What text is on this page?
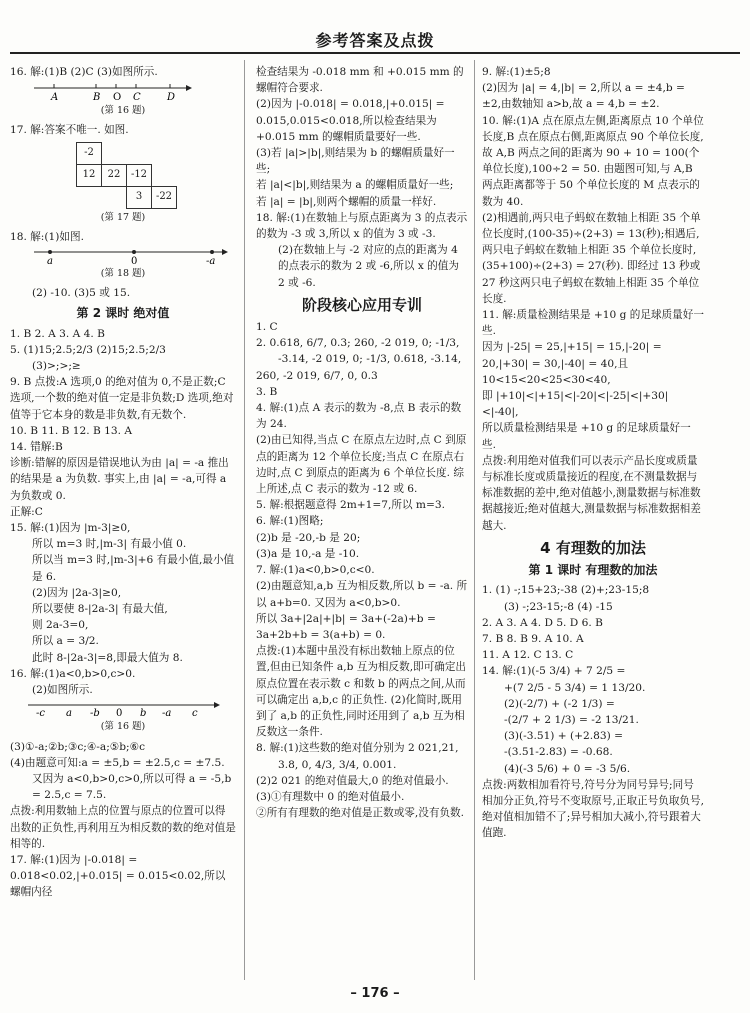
参考答案及点拨

16. 解:(1)B (2)C (3)如图所示.

A	B O C	D
(第 16 题)

17. 解:答案不唯一. 如图.

-2			
12	22	-12	
		3	-22
(第 17 题)

18. 解:(1)如图.

a	0	-a
(第 18 题)

(2) -10. (3)5 或 15.

第 2 课时 绝对值

1. B 2. A 3. A 4. B

5. (1)15;2.5;2/3 (2)15;2.5;2/3

(3)>;>;≥

9. B 点拨:A 选项,0 的绝对值为 0,不是正数;C 选项,一个数的绝对值一定是非负数;D 选项,绝对值等于它本身的数是非负数,有无数个.

10. B 11. B 12. B 13. A

14. 错解:B

诊断:错解的原因是错误地认为由 |a| = -a 推出的结果是 a 为负数. 事实上,由 |a| = -a,可得 a 为负数或 0.

正解:C

15. 解:(1)因为 |m-3|≥0,

所以 m=3 时,|m-3| 有最小值 0.

所以当 m=3 时,|m-3|+6 有最小值,最小值是 6.

(2)因为 |2a-3|≥0,

所以要使 8-|2a-3| 有最大值,

则 2a-3=0,

所以 a = 3/2.

此时 8-|2a-3|=8,即最大值为 8.

16. 解:(1)a<0,b>0,c>0.

(2)如图所示.

-c a -b 0 b -a c
(第 16 题)

(3)①-a;②b;③c;④-a;⑤b;⑥c

(4)由题意可知:a = ±5,b = ±2.5,c = ±7.5.

又因为 a<0,b>0,c>0,所以可得 a = -5,b = 2.5,c = 7.5.

点拨:利用数轴上点的位置与原点的位置可以得出数的正负性,再利用互为相反数的数的绝对值是相等的.

17. 解:(1)因为 |-0.018| = 0.018<0.02,|+0.015| = 0.015<0.02,所以螺帽内径

检查结果为 -0.018 mm 和 +0.015 mm 的螺帽符合要求.

(2)因为 |-0.018| = 0.018,|+0.015| = 0.015,0.015<0.018,所以检查结果为 +0.015 mm 的螺帽质量要好一些.

(3)若 |a|>|b|,则结果为 b 的螺帽质量好一些;

若 |a|<|b|,则结果为 a 的螺帽质量好一些;

若 |a| = |b|,则两个螺帽的质量一样好.

18. 解:(1)在数轴上与原点距离为 3 的点表示的数为 -3 或 3,所以 x 的值为 3 或 -3.

(2)在数轴上与 -2 对应的点的距离为 4 的点表示的数为 2 或 -6,所以 x 的值为 2 或 -6.

阶段核心应用专训

1. C

2. 0.618, 6/7, 0.3; 260, -2 019, 0; -1/3,

-3.14, -2 019, 0; -1/3, 0.618, -3.14,

260, -2 019, 6/7, 0, 0.3

3. B

4. 解:(1)点 A 表示的数为 -8,点 B 表示的数为 24.

(2)由已知得,当点 C 在原点左边时,点 C 到原点的距离为 12 个单位长度;当点 C 在原点右边时,点 C 到原点的距离为 6 个单位长度. 综上所述,点 C 表示的数为 -12 或 6.

5. 解:根据题意得 2m+1=7,所以 m=3.

6. 解:(1)图略;

(2)b 是 -20,-b 是 20;

(3)a 是 10,-a 是 -10.

7. 解:(1)a<0,b>0,c<0.

(2)由题意知,a,b 互为相反数,所以 b = -a. 所以 a+b=0. 又因为 a<0,b>0.

所以 3a+|2a|+|b| = 3a+(-2a)+b = 3a+2b+b = 3(a+b) = 0.

点拨:(1)本题中虽没有标出数轴上原点的位置,但由已知条件 a,b 互为相反数,即可确定出原点位置在表示数 c 和数 b 的两点之间,从而可以确定出 a,b,c 的正负性. (2)化简时,既用到了 a,b 的正负性,同时还用到了 a,b 互为相反数这一条件.

8. 解:(1)这些数的绝对值分别为 2 021,21,

3.8, 0, 4/3, 3/4, 0.001.

(2)2 021 的绝对值最大,0 的绝对值最小.

(3)①有理数中 0 的绝对值最小.

②所有有理数的绝对值是正数或零,没有负数.

9. 解:(1)±5;8

(2)因为 |a| = 4,|b| = 2,所以 a = ±4,b = ±2,由数轴知 a>b,故 a = 4,b = ±2.

10. 解:(1)A 点在原点左侧,距离原点 10 个单位长度,B 点在原点右侧,距离原点 90 个单位长度,故 A,B 两点之间的距离为 90 + 10 = 100(个单位长度),100÷2 = 50. 由题图可知,与 A,B 两点距离都等于 50 个单位长度的 M 点表示的数为 40.

(2)相遇前,两只电子蚂蚁在数轴上相距 35 个单位长度时,(100-35)÷(2+3) = 13(秒);相遇后,两只电子蚂蚁在数轴上相距 35 个单位长度时,(35+100)÷(2+3) = 27(秒). 即经过 13 秒或 27 秒这两只电子蚂蚁在数轴上相距 35 个单位长度.

11. 解:质量检测结果是 +10 g 的足球质量好一些.

因为 |-25| = 25,|+15| = 15,|-20| = 20,|+30| = 30,|-40| = 40,且 10<15<20<25<30<40,

即 |+10|<|+15|<|-20|<|-25|<|+30|<|-40|,

所以质量检测结果是 +10 g 的足球质量好一些.

点拨:利用绝对值我们可以表示产品长度或质量与标准长度或质量接近的程度,在不测量数据与标准数据的差中,绝对值越小,测量数据与标准数据越接近;绝对值越大,测量数据与标准数据相差越大.

4 有理数的加法
第 1 课时 有理数的加法

1. (1) -;15+23;-38 (2)+;23-15;8

(3) -;23-15;-8 (4) -15

2. A 3. A 4. D 5. D 6. B

7. B 8. B 9. A 10. A

11. A 12. C 13. C

14. 解:(1)(-5 3/4) + 7 2/5 =

+(7 2/5 - 5 3/4) = 1 13/20.

(2)(-2/7) + (-2 1/3) =

-(2/7 + 2 1/3) = -2 13/21.

(3)(-3.51) + (+2.83) =

-(3.51-2.83) = -0.68.

(4)(-3 5/6) + 0 = -3 5/6.

点拨:两数相加看符号,符号分为同号异号;同号相加分正负,符号不变取原号,正取正号负取负号,绝对值相加错不了;异号相加大减小,符号跟着大值跑.

– 176 –
